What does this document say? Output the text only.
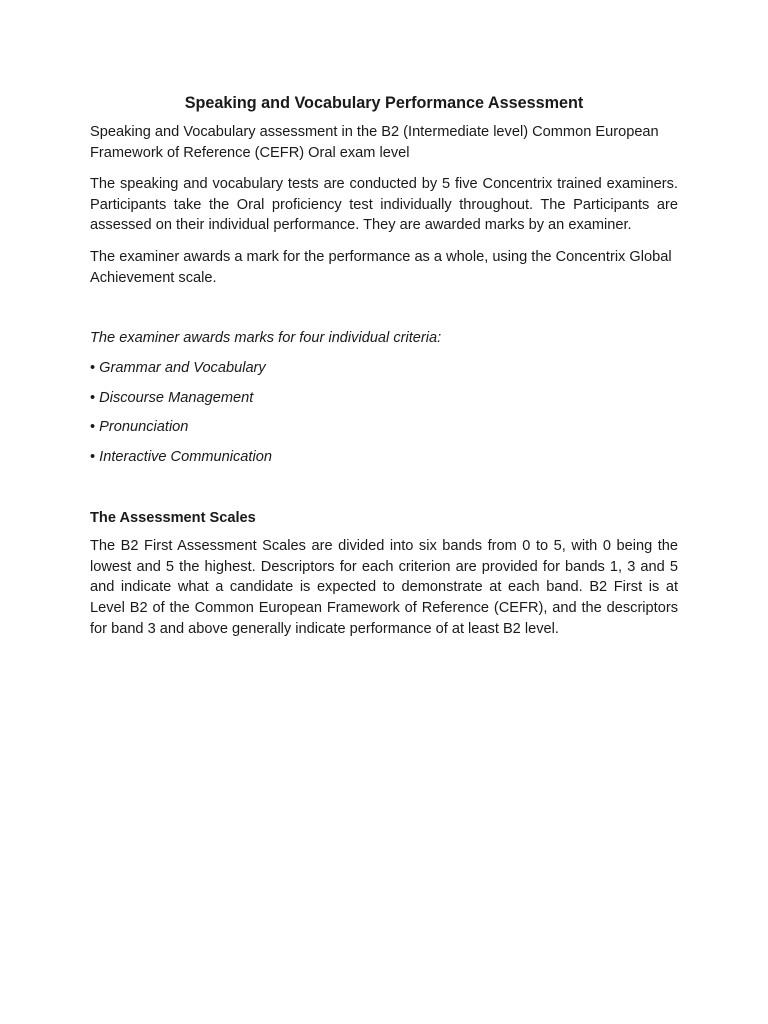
Speaking and Vocabulary Performance Assessment

Speaking and Vocabulary assessment in the B2 (Intermediate level) Common European Framework of Reference (CEFR) Oral exam level

The speaking and vocabulary tests are conducted by 5 five Concentrix trained examiners. Participants take the Oral proficiency test individually throughout. The Participants are assessed on their individual performance. They are awarded marks by an examiner.

The examiner awards a mark for the performance as a whole, using the Concentrix Global Achievement scale.

The examiner awards marks for four individual criteria:

• Grammar and Vocabulary
• Discourse Management
• Pronunciation
• Interactive Communication
The Assessment Scales

The B2 First Assessment Scales are divided into six bands from 0 to 5, with 0 being the lowest and 5 the highest. Descriptors for each criterion are provided for bands 1, 3 and 5 and indicate what a candidate is expected to demonstrate at each band. B2 First is at Level B2 of the Common European Framework of Reference (CEFR), and the descriptors for band 3 and above generally indicate performance of at least B2 level.
